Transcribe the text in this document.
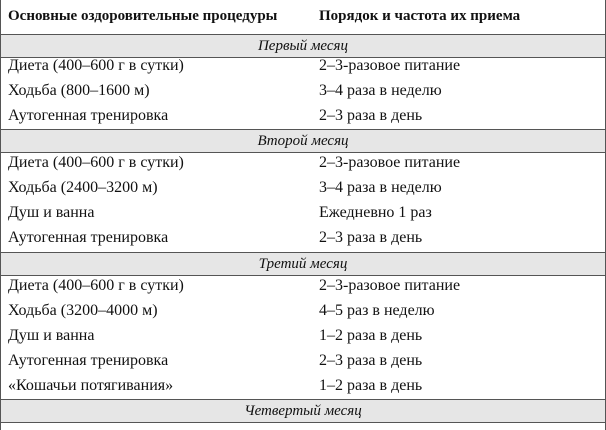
Основные оздоровительные процедуры	Порядок и частота их приема
Первый месяц
Диета (400–600 г в сутки)	2–3-разовое питание
Ходьба (800–1600 м)	3–4 раза в неделю
Аутогенная тренировка	2–3 раза в день
Второй месяц
Диета (400–600 г в сутки)	2–3-разовое питание
Ходьба (2400–3200 м)	3–4 раза в неделю
Душ и ванна	Ежедневно 1 раз
Аутогенная тренировка	2–3 раза в день
Третий месяц
Диета (400–600 г в сутки)	2–3-разовое питание
Ходьба (3200–4000 м)	4–5 раз в неделю
Душ и ванна	1–2 раза в день
Аутогенная тренировка	2–3 раза в день
«Кошачьи потягивания»	1–2 раза в день
Четвертый месяц
